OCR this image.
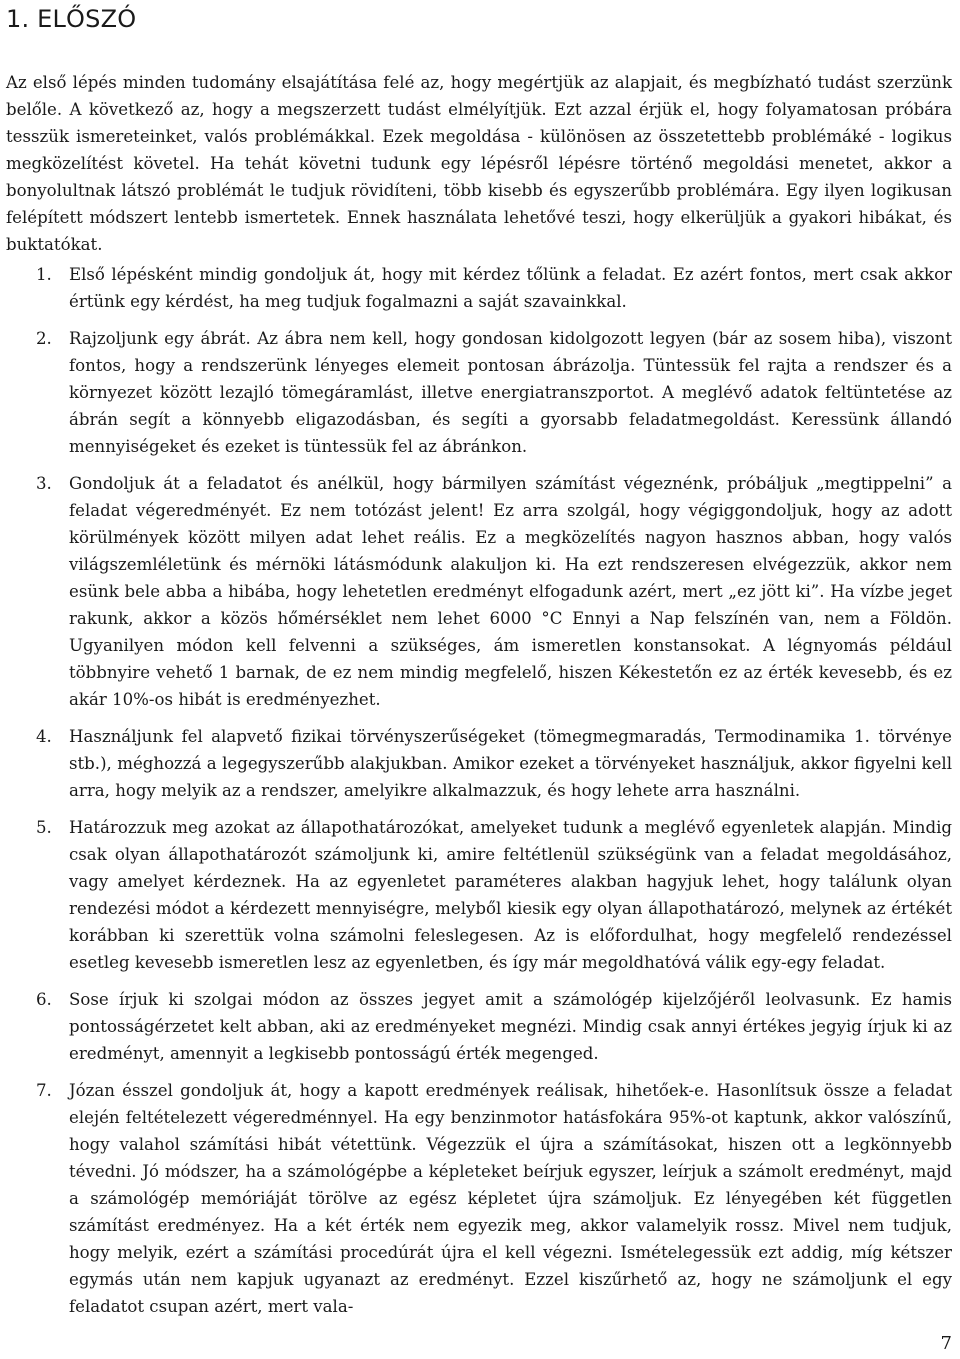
1. ELŐSZÓ

Az első lépés minden tudomány elsajátítása felé az, hogy megértjük az alapjait, és megbízható tudást szerzünk belőle. A következő az, hogy a megszerzett tudást elmélyítjük. Ezt azzal érjük el, hogy folyamatosan próbára tesszük ismereteinket, valós problémákkal. Ezek megoldása - különösen az összetettebb problémáké - logikus megközelítést követel. Ha tehát követni tudunk egy lépésről lépésre történő megoldási menetet, akkor a bonyolultnak látszó problémát le tudjuk rövidíteni, több kisebb és egyszerűbb problémára. Egy ilyen logikusan felépített módszert lentebb ismertetek. Ennek használata lehetővé teszi, hogy elkerüljük a gyakori hibákat, és buktatókat.

1. Első lépésként mindig gondoljuk át, hogy mit kérdez tőlünk a feladat. Ez azért fontos, mert csak akkor értünk egy kérdést, ha meg tudjuk fogalmazni a saját szavainkkal.
2. Rajzoljunk egy ábrát. Az ábra nem kell, hogy gondosan kidolgozott legyen (bár az sosem hiba), viszont fontos, hogy a rendszerünk lényeges elemeit pontosan ábrázolja. Tüntessük fel rajta a rendszer és a környezet között lezajló tömegáramlást, illetve energiatranszportot. A meglévő adatok feltüntetése az ábrán segít a könnyebb eligazodásban, és segíti a gyorsabb feladatmegoldást. Keressünk állandó mennyiségeket és ezeket is tüntessük fel az ábránkon.
3. Gondoljuk át a feladatot és anélkül, hogy bármilyen számítást végeznénk, próbáljuk „megtippelni” a feladat végeredményét. Ez nem totózást jelent! Ez arra szolgál, hogy végiggondoljuk, hogy az adott körülmények között milyen adat lehet reális. Ez a megközelítés nagyon hasznos abban, hogy valós világszemléletünk és mérnöki látásmódunk alakuljon ki. Ha ezt rendszeresen elvégezzük, akkor nem esünk bele abba a hibába, hogy lehetetlen eredményt elfogadunk azért, mert „ez jött ki”. Ha vízbe jeget rakunk, akkor a közös hőmérséklet nem lehet 6000 °C Ennyi a Nap felszínén van, nem a Földön. Ugyanilyen módon kell felvenni a szükséges, ám ismeretlen konstansokat. A légnyomás például többnyire vehető 1 barnak, de ez nem mindig megfelelő, hiszen Kékestetőn ez az érték kevesebb, és ez akár 10%-os hibát is eredményezhet.
4. Használjunk fel alapvető fizikai törvényszerűségeket (tömegmegmaradás, Termodinamika 1. törvénye stb.), méghozzá a legegyszerűbb alakjukban. Amikor ezeket a törvényeket használjuk, akkor figyelni kell arra, hogy melyik az a rendszer, amelyikre alkalmazzuk, és hogy lehete arra használni.
5. Határozzuk meg azokat az állapothatározókat, amelyeket tudunk a meglévő egyenletek alapján. Mindig csak olyan állapothatározót számoljunk ki, amire feltétlenül szükségünk van a feladat megoldásához, vagy amelyet kérdeznek. Ha az egyenletet paraméteres alakban hagyjuk lehet, hogy találunk olyan rendezési módot a kérdezett mennyiségre, melyből kiesik egy olyan állapothatározó, melynek az értékét korábban ki szerettük volna számolni feleslegesen. Az is előfordulhat, hogy megfelelő rendezéssel esetleg kevesebb ismeretlen lesz az egyenletben, és így már megoldhatóvá válik egy-egy feladat.
6. Sose írjuk ki szolgai módon az összes jegyet amit a számológép kijelzőjéről leolvasunk. Ez hamis pontosságérzetet kelt abban, aki az eredményeket megnézi. Mindig csak annyi értékes jegyig írjuk ki az eredményt, amennyit a legkisebb pontosságú érték megenged.
7. Józan ésszel gondoljuk át, hogy a kapott eredmények reálisak, hihetőek-e. Hasonlítsuk össze a feladat elején feltételezett végeredménnyel. Ha egy benzinmotor hatásfokára 95%-ot kaptunk, akkor valószínű, hogy valahol számítási hibát vétettünk. Végezzük el újra a számításokat, hiszen ott a legkönnyebb tévedni. Jó módszer, ha a számológépbe a képleteket beírjuk egyszer, leírjuk a számolt eredményt, majd a számológép memóriáját törölve az egész képletet újra számoljuk. Ez lényegében két független számítást eredményez. Ha a két érték nem egyezik meg, akkor valamelyik rossz. Mivel nem tudjuk, hogy melyik, ezért a számítási procedúrát újra el kell végezni. Ismételegessük ezt addig, míg kétszer egymás után nem kapjuk ugyanazt az eredményt. Ezzel kiszűrhető az, hogy ne számoljunk el egy feladatot csupan azért, mert vala-
7
